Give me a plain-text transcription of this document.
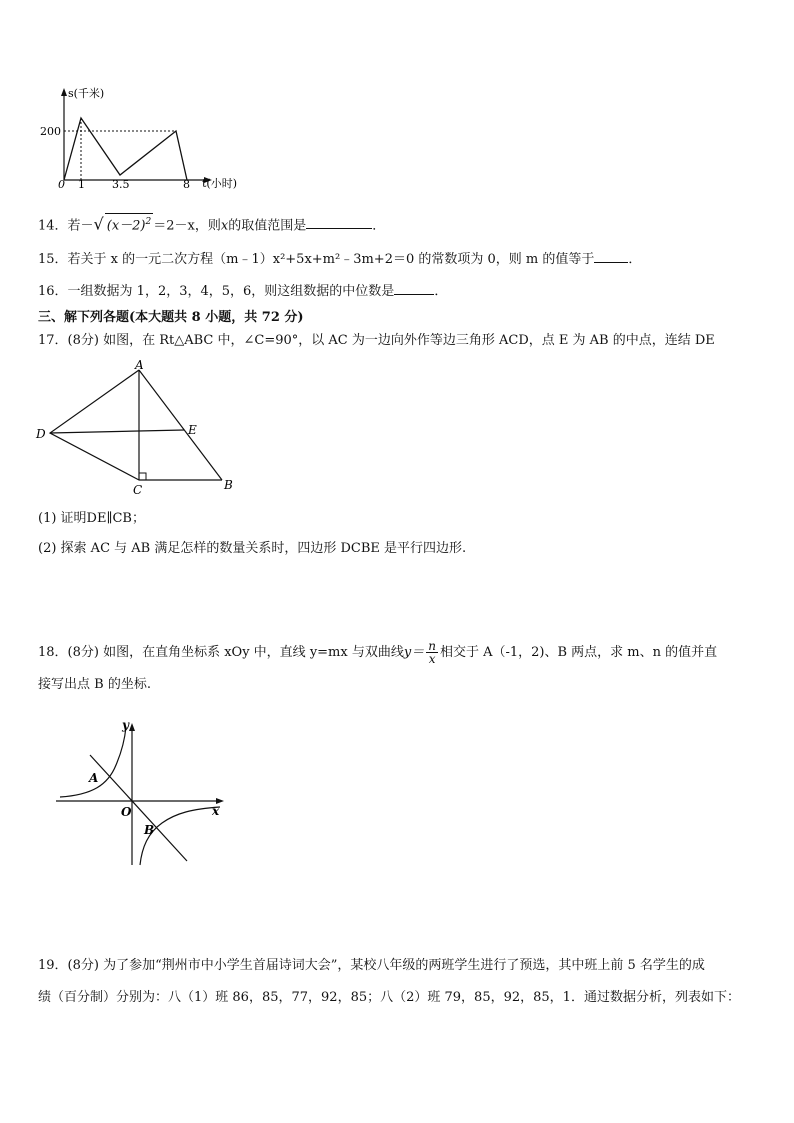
s(千米)
t(小时)
200
0 1 3.5	8
14．若－√ $(x-2)^2 =2-x$，则x的取值范围是	．
15．若关于 x 的一元二次方程（m﹣1）x²+5x+m²﹣3m+2＝0 的常数项为 0，则 m 的值等于	．
16．一组数据为 1，2，3，4，5，6，则这组数据的中位数是	．
三、解下列各题(本大题共 8 小题，共 72 分)
17．(8分) 如图，在 Rt△ABC 中，∠C=90°，以 AC 为一边向外作等边三角形 ACD，点 E 为 AB 的中点，连结 DE
A
D	E
C	B
(1) 证明DE∥CB；
(2) 探索 AC 与 AB 满足怎样的数量关系时，四边形 DCBE 是平行四边形.
18．(8分) 如图，在直角坐标系 xOy 中，直线 y=mx 与双曲线$y= \frac{n}{x}$ 相交于 A（-1，2)、B 两点，求 m、n 的值并直
接写出点 B 的坐标.
y
x
O
A
B
19．(8分) 为了参加“荆州市中小学生首届诗词大会”，某校八年级的两班学生进行了预选，其中班上前 5 名学生的成
绩（百分制）分别为：八（1）班 86，85，77，92，85；八（2）班 79，85，92，85，1．通过数据分析，列表如下：
